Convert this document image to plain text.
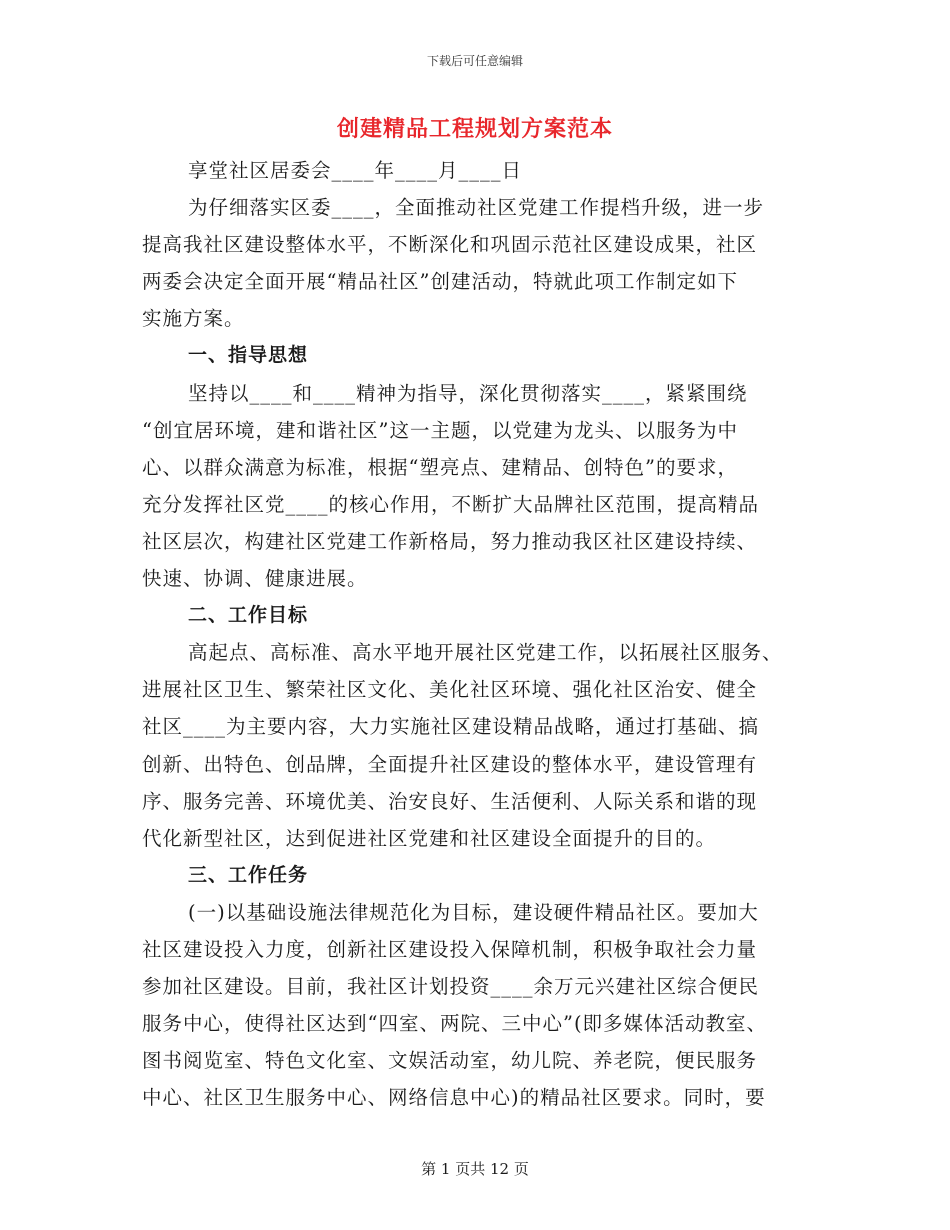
下载后可任意编辑
创建精品工程规划方案范本
享堂社区居委会____年____月____日
为仔细落实区委____，全面推动社区党建工作提档升级，进一步
提高我社区建设整体水平，不断深化和巩固示范社区建设成果，社区
两委会决定全面开展“精品社区”创建活动，特就此项工作制定如下
实施方案。
一、指导思想
坚持以____和____精神为指导，深化贯彻落实____，紧紧围绕
“创宜居环境，建和谐社区”这一主题，以党建为龙头、以服务为中
心、以群众满意为标准，根据“塑亮点、建精品、创特色”的要求，
充分发挥社区党____的核心作用，不断扩大品牌社区范围，提高精品
社区层次，构建社区党建工作新格局，努力推动我区社区建设持续、
快速、协调、健康进展。
二、工作目标
高起点、高标准、高水平地开展社区党建工作，以拓展社区服务、
进展社区卫生、繁荣社区文化、美化社区环境、强化社区治安、健全
社区____为主要内容，大力实施社区建设精品战略，通过打基础、搞
创新、出特色、创品牌，全面提升社区建设的整体水平，建设管理有
序、服务完善、环境优美、治安良好、生活便利、人际关系和谐的现
代化新型社区，达到促进社区党建和社区建设全面提升的目的。
三、工作任务
(一)以基础设施法律规范化为目标，建设硬件精品社区。要加大
社区建设投入力度，创新社区建设投入保障机制，积极争取社会力量
参加社区建设。目前，我社区计划投资____余万元兴建社区综合便民
服务中心，使得社区达到“四室、两院、三中心”(即多媒体活动教室、
图书阅览室、特色文化室、文娱活动室，幼儿院、养老院，便民服务
中心、社区卫生服务中心、网络信息中心)的精品社区要求。同时，要
第 1 页共 12 页
